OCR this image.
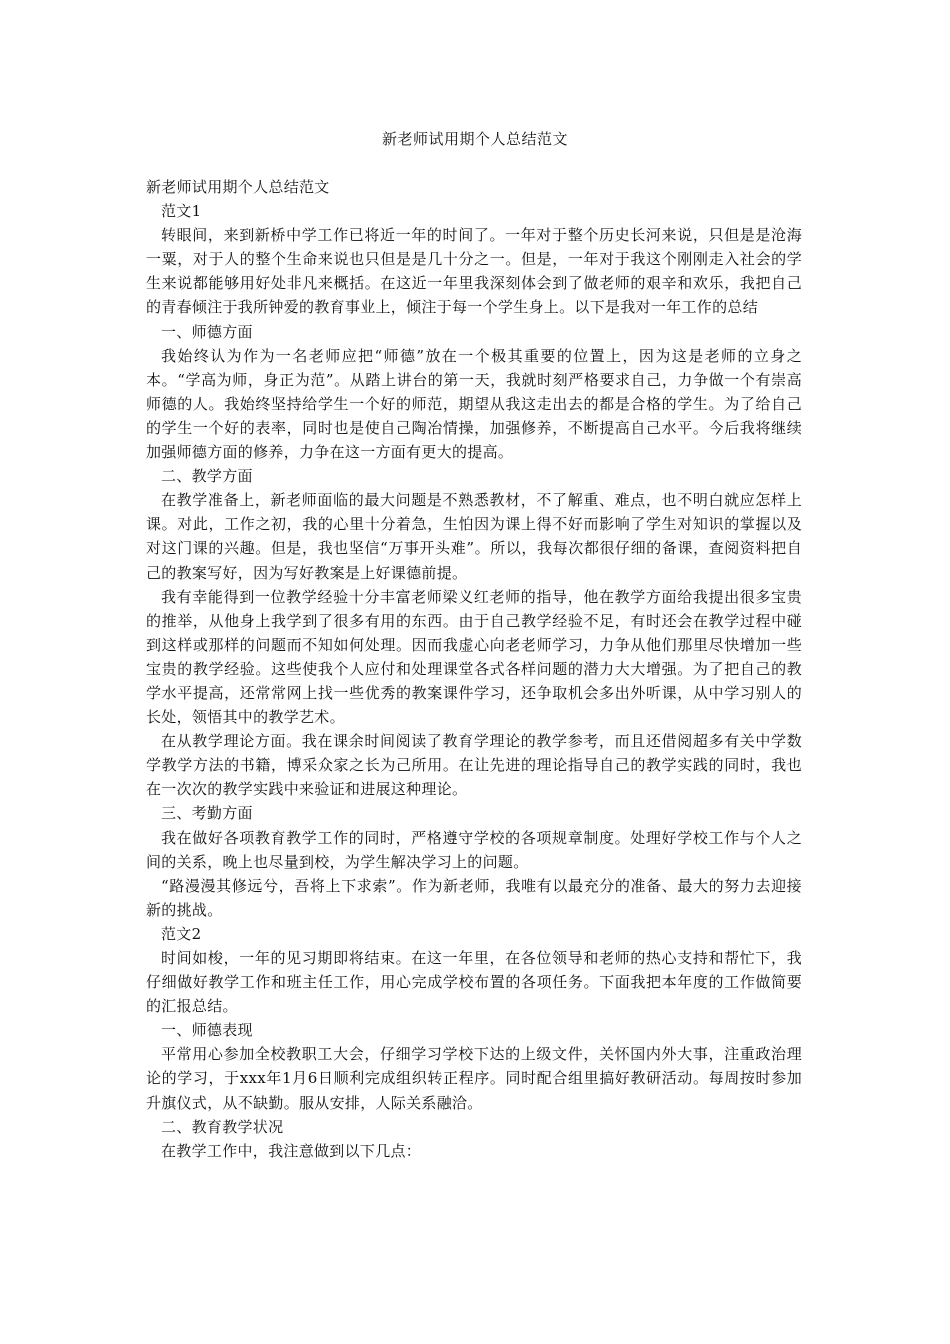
新老师试用期个人总结范文

新老师试用期个人总结范文

范文1

转眼间，来到新桥中学工作已将近一年的时间了。一年对于整个历史长河来说，只但是是沧海一粟，对于人的整个生命来说也只但是是几十分之一。但是，一年对于我这个刚刚走入社会的学生来说都能够用好处非凡来概括。在这近一年里我深刻体会到了做老师的艰辛和欢乐，我把自己的青春倾注于我所钟爱的教育事业上，倾注于每一个学生身上。以下是我对一年工作的总结

一、师德方面

我始终认为作为一名老师应把“师德”放在一个极其重要的位置上，因为这是老师的立身之本。“学高为师，身正为范”。从踏上讲台的第一天，我就时刻严格要求自己，力争做一个有崇高师德的人。我始终坚持给学生一个好的师范，期望从我这走出去的都是合格的学生。为了给自己的学生一个好的表率，同时也是使自己陶冶情操，加强修养，不断提高自己水平。今后我将继续加强师德方面的修养，力争在这一方面有更大的提高。

二、教学方面

在教学准备上，新老师面临的最大问题是不熟悉教材，不了解重、难点，也不明白就应怎样上课。对此，工作之初，我的心里十分着急，生怕因为课上得不好而影响了学生对知识的掌握以及对这门课的兴趣。但是，我也坚信“万事开头难”。所以，我每次都很仔细的备课，查阅资料把自己的教案写好，因为写好教案是上好课德前提。

我有幸能得到一位教学经验十分丰富老师梁义红老师的指导，他在教学方面给我提出很多宝贵的推举，从他身上我学到了很多有用的东西。由于自己教学经验不足，有时还会在教学过程中碰到这样或那样的问题而不知如何处理。因而我虚心向老老师学习，力争从他们那里尽快增加一些宝贵的教学经验。这些使我个人应付和处理课堂各式各样问题的潜力大大增强。为了把自己的教学水平提高，还常常网上找一些优秀的教案课件学习，还争取机会多出外听课，从中学习别人的长处，领悟其中的教学艺术。

在从教学理论方面。我在课余时间阅读了教育学理论的教学参考，而且还借阅超多有关中学数学教学方法的书籍，博采众家之长为己所用。在让先进的理论指导自己的教学实践的同时，我也在一次次的教学实践中来验证和进展这种理论。

三、考勤方面

我在做好各项教育教学工作的同时，严格遵守学校的各项规章制度。处理好学校工作与个人之间的关系，晚上也尽量到校，为学生解决学习上的问题。

“路漫漫其修远兮，吾将上下求索”。作为新老师，我唯有以最充分的准备、最大的努力去迎接新的挑战。

范文2

时间如梭，一年的见习期即将结束。在这一年里，在各位领导和老师的热心支持和帮忙下，我仔细做好教学工作和班主任工作，用心完成学校布置的各项任务。下面我把本年度的工作做简要的汇报总结。

一、师德表现

平常用心参加全校教职工大会，仔细学习学校下达的上级文件，关怀国内外大事，注重政治理论的学习，于xxx年1月6日顺利完成组织转正程序。同时配合组里搞好教研活动。每周按时参加升旗仪式，从不缺勤。服从安排，人际关系融洽。

二、教育教学状况

在教学工作中，我注意做到以下几点：
